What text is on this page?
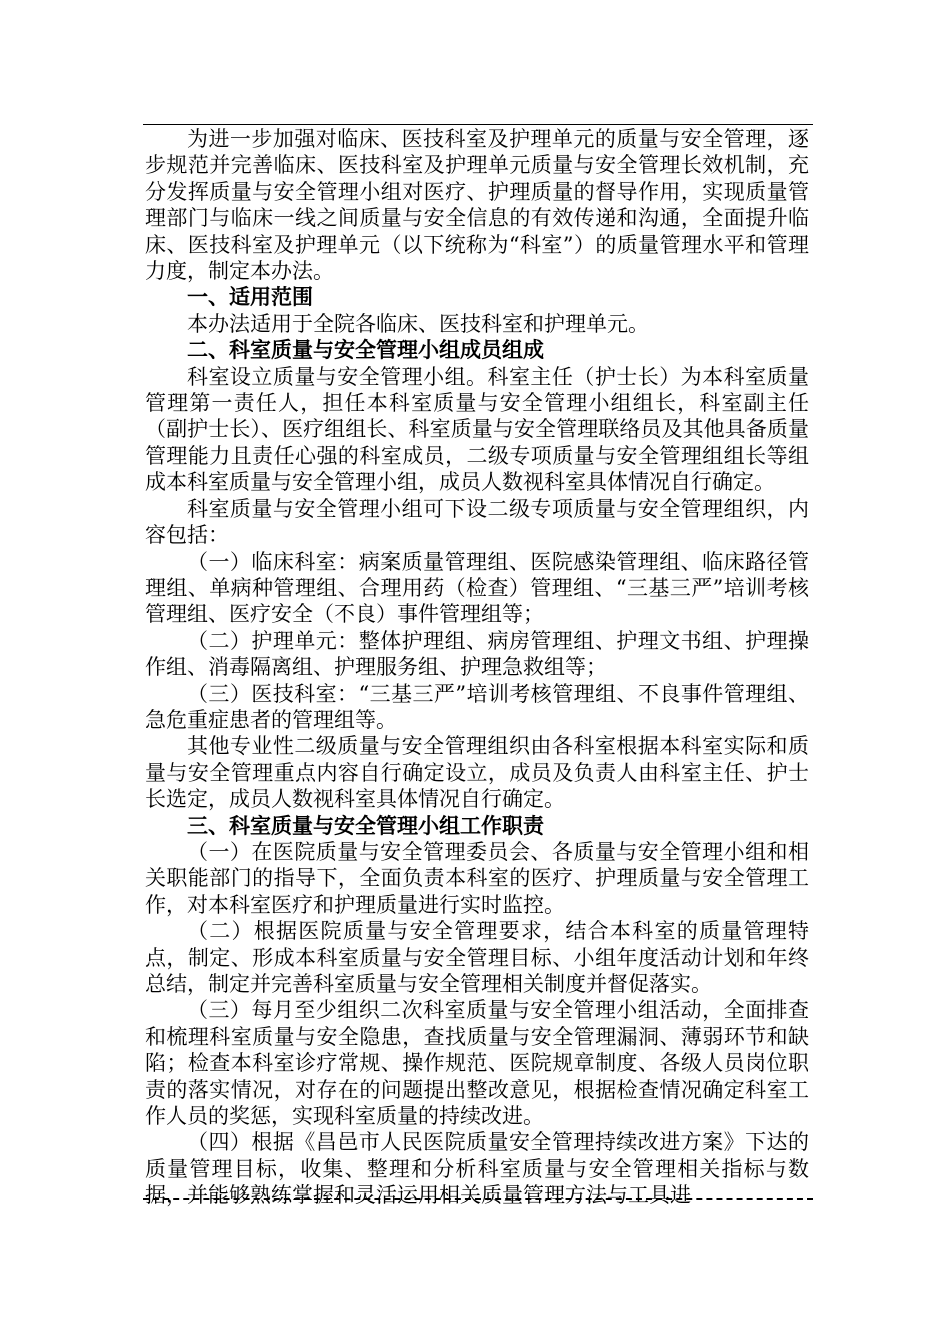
为进一步加强对临床、医技科室及护理单元的质量与安全管理，逐步规范并完善临床、医技科室及护理单元质量与安全管理长效机制，充分发挥质量与安全管理小组对医疗、护理质量的督导作用，实现质量管理部门与临床一线之间质量与安全信息的有效传递和沟通，全面提升临床、医技科室及护理单元（以下统称为“科室”）的质量管理水平和管理力度，制定本办法。

一、适用范围

本办法适用于全院各临床、医技科室和护理单元。

二、科室质量与安全管理小组成员组成

科室设立质量与安全管理小组。科室主任（护士长）为本科室质量管理第一责任人，担任本科室质量与安全管理小组组长，科室副主任（副护士长）、医疗组组长、科室质量与安全管理联络员及其他具备质量管理能力且责任心强的科室成员，二级专项质量与安全管理组组长等组成本科室质量与安全管理小组，成员人数视科室具体情况自行确定。

科室质量与安全管理小组可下设二级专项质量与安全管理组织，内容包括：

（一）临床科室：病案质量管理组、医院感染管理组、临床路径管理组、单病种管理组、合理用药（检查）管理组、“三基三严”培训考核管理组、医疗安全（不良）事件管理组等；

（二）护理单元：整体护理组、病房管理组、护理文书组、护理操作组、消毒隔离组、护理服务组、护理急救组等；

（三）医技科室：“三基三严”培训考核管理组、不良事件管理组、急危重症患者的管理组等。

其他专业性二级质量与安全管理组织由各科室根据本科室实际和质量与安全管理重点内容自行确定设立，成员及负责人由科室主任、护士长选定，成员人数视科室具体情况自行确定。

三、科室质量与安全管理小组工作职责

（一）在医院质量与安全管理委员会、各质量与安全管理小组和相关职能部门的指导下，全面负责本科室的医疗、护理质量与安全管理工作，对本科室医疗和护理质量进行实时监控。

（二）根据医院质量与安全管理要求，结合本科室的质量管理特点，制定、形成本科室质量与安全管理目标、小组年度活动计划和年终总结，制定并完善科室质量与安全管理相关制度并督促落实。

（三）每月至少组织二次科室质量与安全管理小组活动，全面排查和梳理科室质量与安全隐患，查找质量与安全管理漏洞、薄弱环节和缺陷；检查本科室诊疗常规、操作规范、医院规章制度、各级人员岗位职责的落实情况，对存在的问题提出整改意见，根据检查情况确定科室工作人员的奖惩，实现科室质量的持续改进。

（四）根据《昌邑市人民医院质量安全管理持续改进方案》下达的质量管理目标，收集、整理和分析科室质量与安全管理相关指标与数据，并能够熟练掌握和灵活运用相关质量管理方法与工具进
